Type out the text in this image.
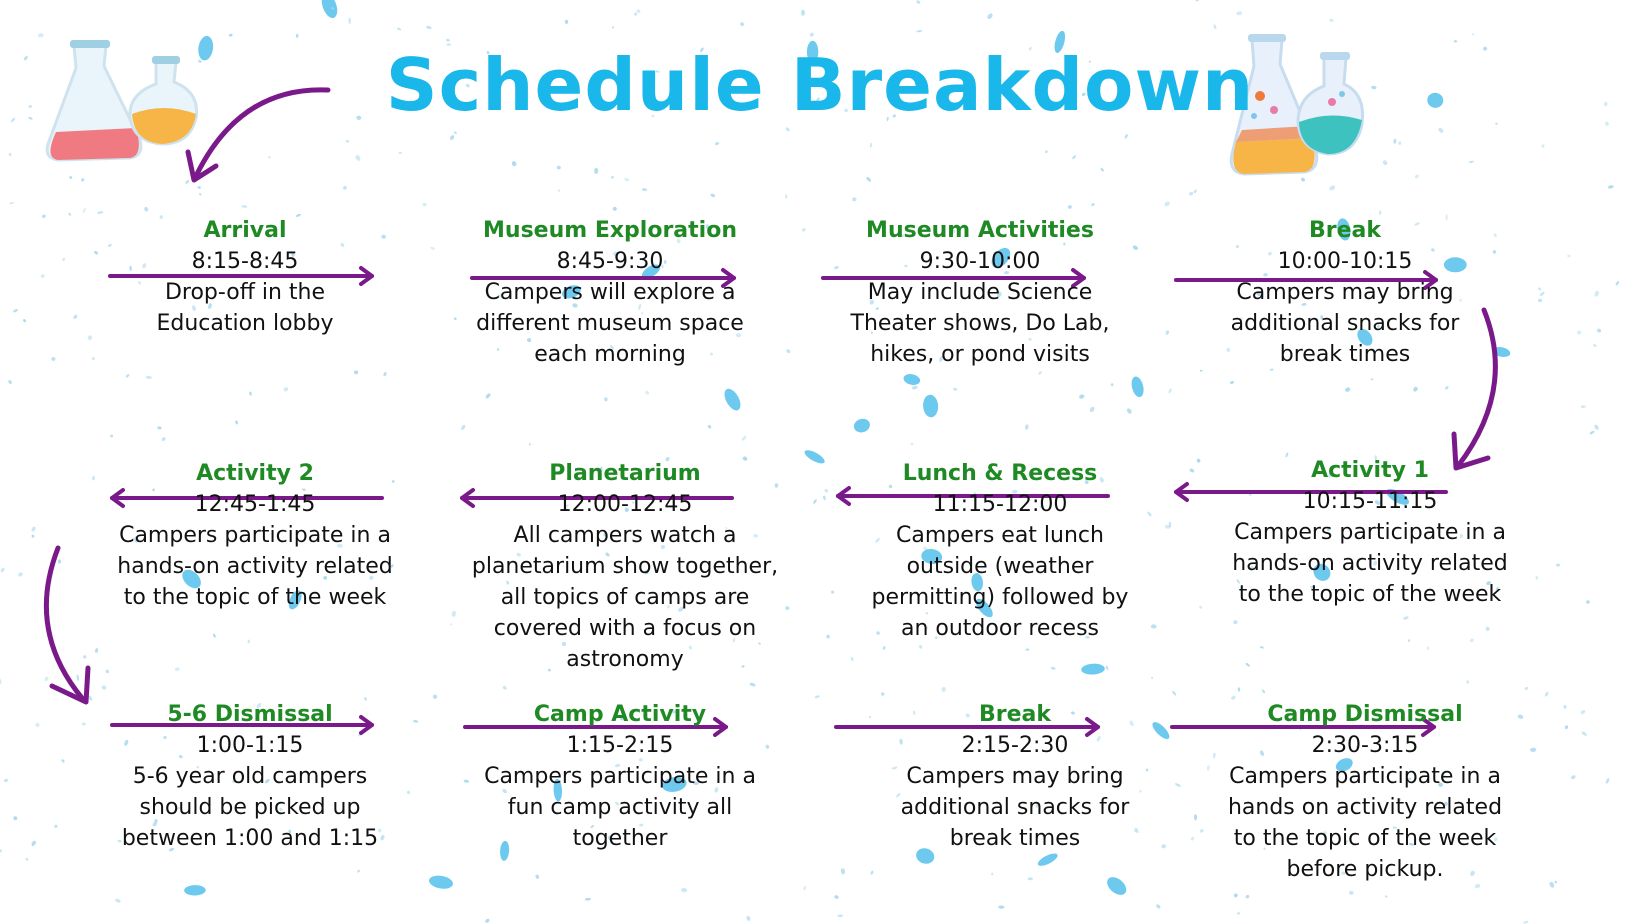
Schedule Breakdown
Arrival
8:15-8:45
Drop-off in the Education lobby
Museum Exploration
8:45-9:30
Campers will explore a different museum space each morning
Museum Activities
9:30-10:00
May include Science Theater shows, Do Lab, hikes, or pond visits
Break
10:00-10:15
Campers may bring additional snacks for break times
Activity 1
10:15-11:15
Campers participate in a hands-on activity related to the topic of the week
Lunch & Recess
11:15-12:00
Campers eat lunch outside (weather permitting) followed by an outdoor recess
Planetarium
12:00-12:45
All campers watch a planetarium show together, all topics of camps are covered with a focus on astronomy
Activity 2
12:45-1:45
Campers participate in a hands-on activity related to the topic of the week
5-6 Dismissal
1:00-1:15
5-6 year old campers should be picked up between 1:00 and 1:15
Camp Activity
1:15-2:15
Campers participate in a fun camp activity all together
Break
2:15-2:30
Campers may bring additional snacks for break times
Camp Dismissal
2:30-3:15
Campers participate in a hands on activity related to the topic of the week before pickup.
